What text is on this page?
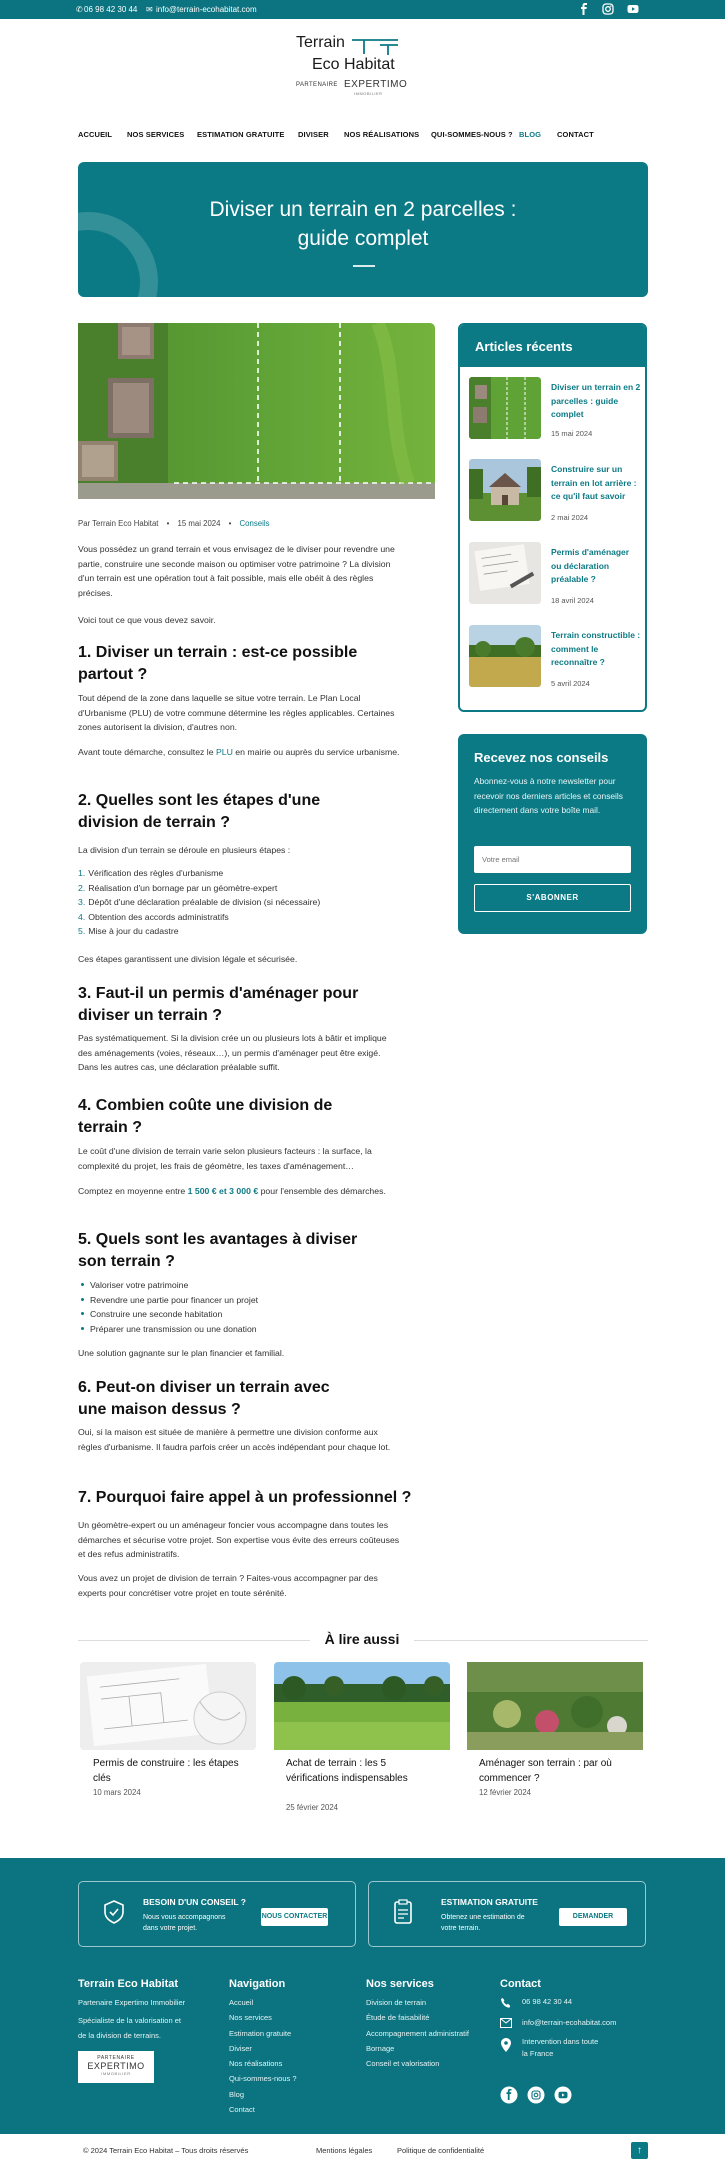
✆ 06 98 42 30 44 ✉ info@terrain-ecohabitat.com
Terrain
Eco Habitat
PARTENAIRE EXPERTIMO
IMMOBILIER
ACCUEIL NOS SERVICES ESTIMATION GRATUITE DIVISER NOS RÉALISATIONS QUI-SOMMES-NOUS ? BLOG CONTACT
Diviser un terrain en 2 parcelles :
guide complet
Par Terrain Eco Habitat • 15 mai 2024 • Conseils

Vous possédez un grand terrain et vous envisagez de le diviser pour revendre une partie, construire une seconde maison ou optimiser votre patrimoine ? La division d'un terrain est une opération tout à fait possible, mais elle obéit à des règles précises.

Voici tout ce que vous devez savoir.

1. Diviser un terrain : est-ce possible partout ?

Tout dépend de la zone dans laquelle se situe votre terrain. Le Plan Local d'Urbanisme (PLU) de votre commune détermine les règles applicables. Certaines zones autorisent la division, d'autres non.

Avant toute démarche, consultez le PLU en mairie ou auprès du service urbanisme.

2. Quelles sont les étapes d'une division de terrain ?

La division d'un terrain se déroule en plusieurs étapes :

1. Vérification des règles d'urbanisme
2. Réalisation d'un bornage par un géomètre-expert
3. Dépôt d'une déclaration préalable de division (si nécessaire)
4. Obtention des accords administratifs
5. Mise à jour du cadastre

Ces étapes garantissent une division légale et sécurisée.

3. Faut-il un permis d'aménager pour diviser un terrain ?

Pas systématiquement. Si la division crée un ou plusieurs lots à bâtir et implique des aménagements (voies, réseaux…), un permis d'aménager peut être exigé. Dans les autres cas, une déclaration préalable suffit.

4. Combien coûte une division de terrain ?

Le coût d'une division de terrain varie selon plusieurs facteurs : la surface, la complexité du projet, les frais de géomètre, les taxes d'aménagement…

Comptez en moyenne entre 1 500 € et 3 000 € pour l'ensemble des démarches.

5. Quels sont les avantages à diviser son terrain ?
Valoriser votre patrimoine
Revendre une partie pour financer un projet
Construire une seconde habitation
Préparer une transmission ou une donation

Une solution gagnante sur le plan financier et familial.

6. Peut-on diviser un terrain avec une maison dessus ?

Oui, si la maison est située de manière à permettre une division conforme aux règles d'urbanisme. Il faudra parfois créer un accès indépendant pour chaque lot.

7. Pourquoi faire appel à un professionnel ?

Un géomètre-expert ou un aménageur foncier vous accompagne dans toutes les démarches et sécurise votre projet. Son expertise vous évite des erreurs coûteuses et des refus administratifs.

Vous avez un projet de division de terrain ? Faites-vous accompagner par des experts pour concrétiser votre projet en toute sérénité.

Articles récents
Diviser un terrain en 2 parcelles : guide complet
15 mai 2024
Construire sur un terrain en lot arrière : ce qu'il faut savoir
2 mai 2024
Permis d'aménager ou déclaration préalable ?
18 avril 2024
Terrain constructible : comment le reconnaître ?
5 avril 2024
Recevez nos conseils
Abonnez-vous à notre newsletter pour recevoir nos derniers articles et conseils directement dans votre boîte mail.
Votre email
S'ABONNER
À lire aussi
Permis de construire : les étapes clés
10 mars 2024
Achat de terrain : les 5 vérifications indispensables
25 février 2024
Aménager son terrain : par où commencer ?
12 février 2024
BESOIN D'UN CONSEIL ?
Nous vous accompagnons dans votre projet.
NOUS CONTACTER
ESTIMATION GRATUITE
Obtenez une estimation de votre terrain.
DEMANDER
Terrain Eco Habitat
Partenaire Expertimo Immobilier
Spécialiste de la valorisation et de la division de terrains.
PARTENAIRE
EXPERTIMO
IMMOBILIER
Navigation
Accueil
Nos services
Estimation gratuite
Diviser
Nos réalisations
Qui-sommes-nous ?
Blog
Contact
Nos services
Division de terrain
Étude de faisabilité
Accompagnement administratif
Bornage
Conseil et valorisation
Contact
06 98 42 30 44
info@terrain-ecohabitat.com
Intervention dans toute la France
© 2024 Terrain Eco Habitat – Tous droits réservés	Mentions légales	Politique de confidentialité	↑
